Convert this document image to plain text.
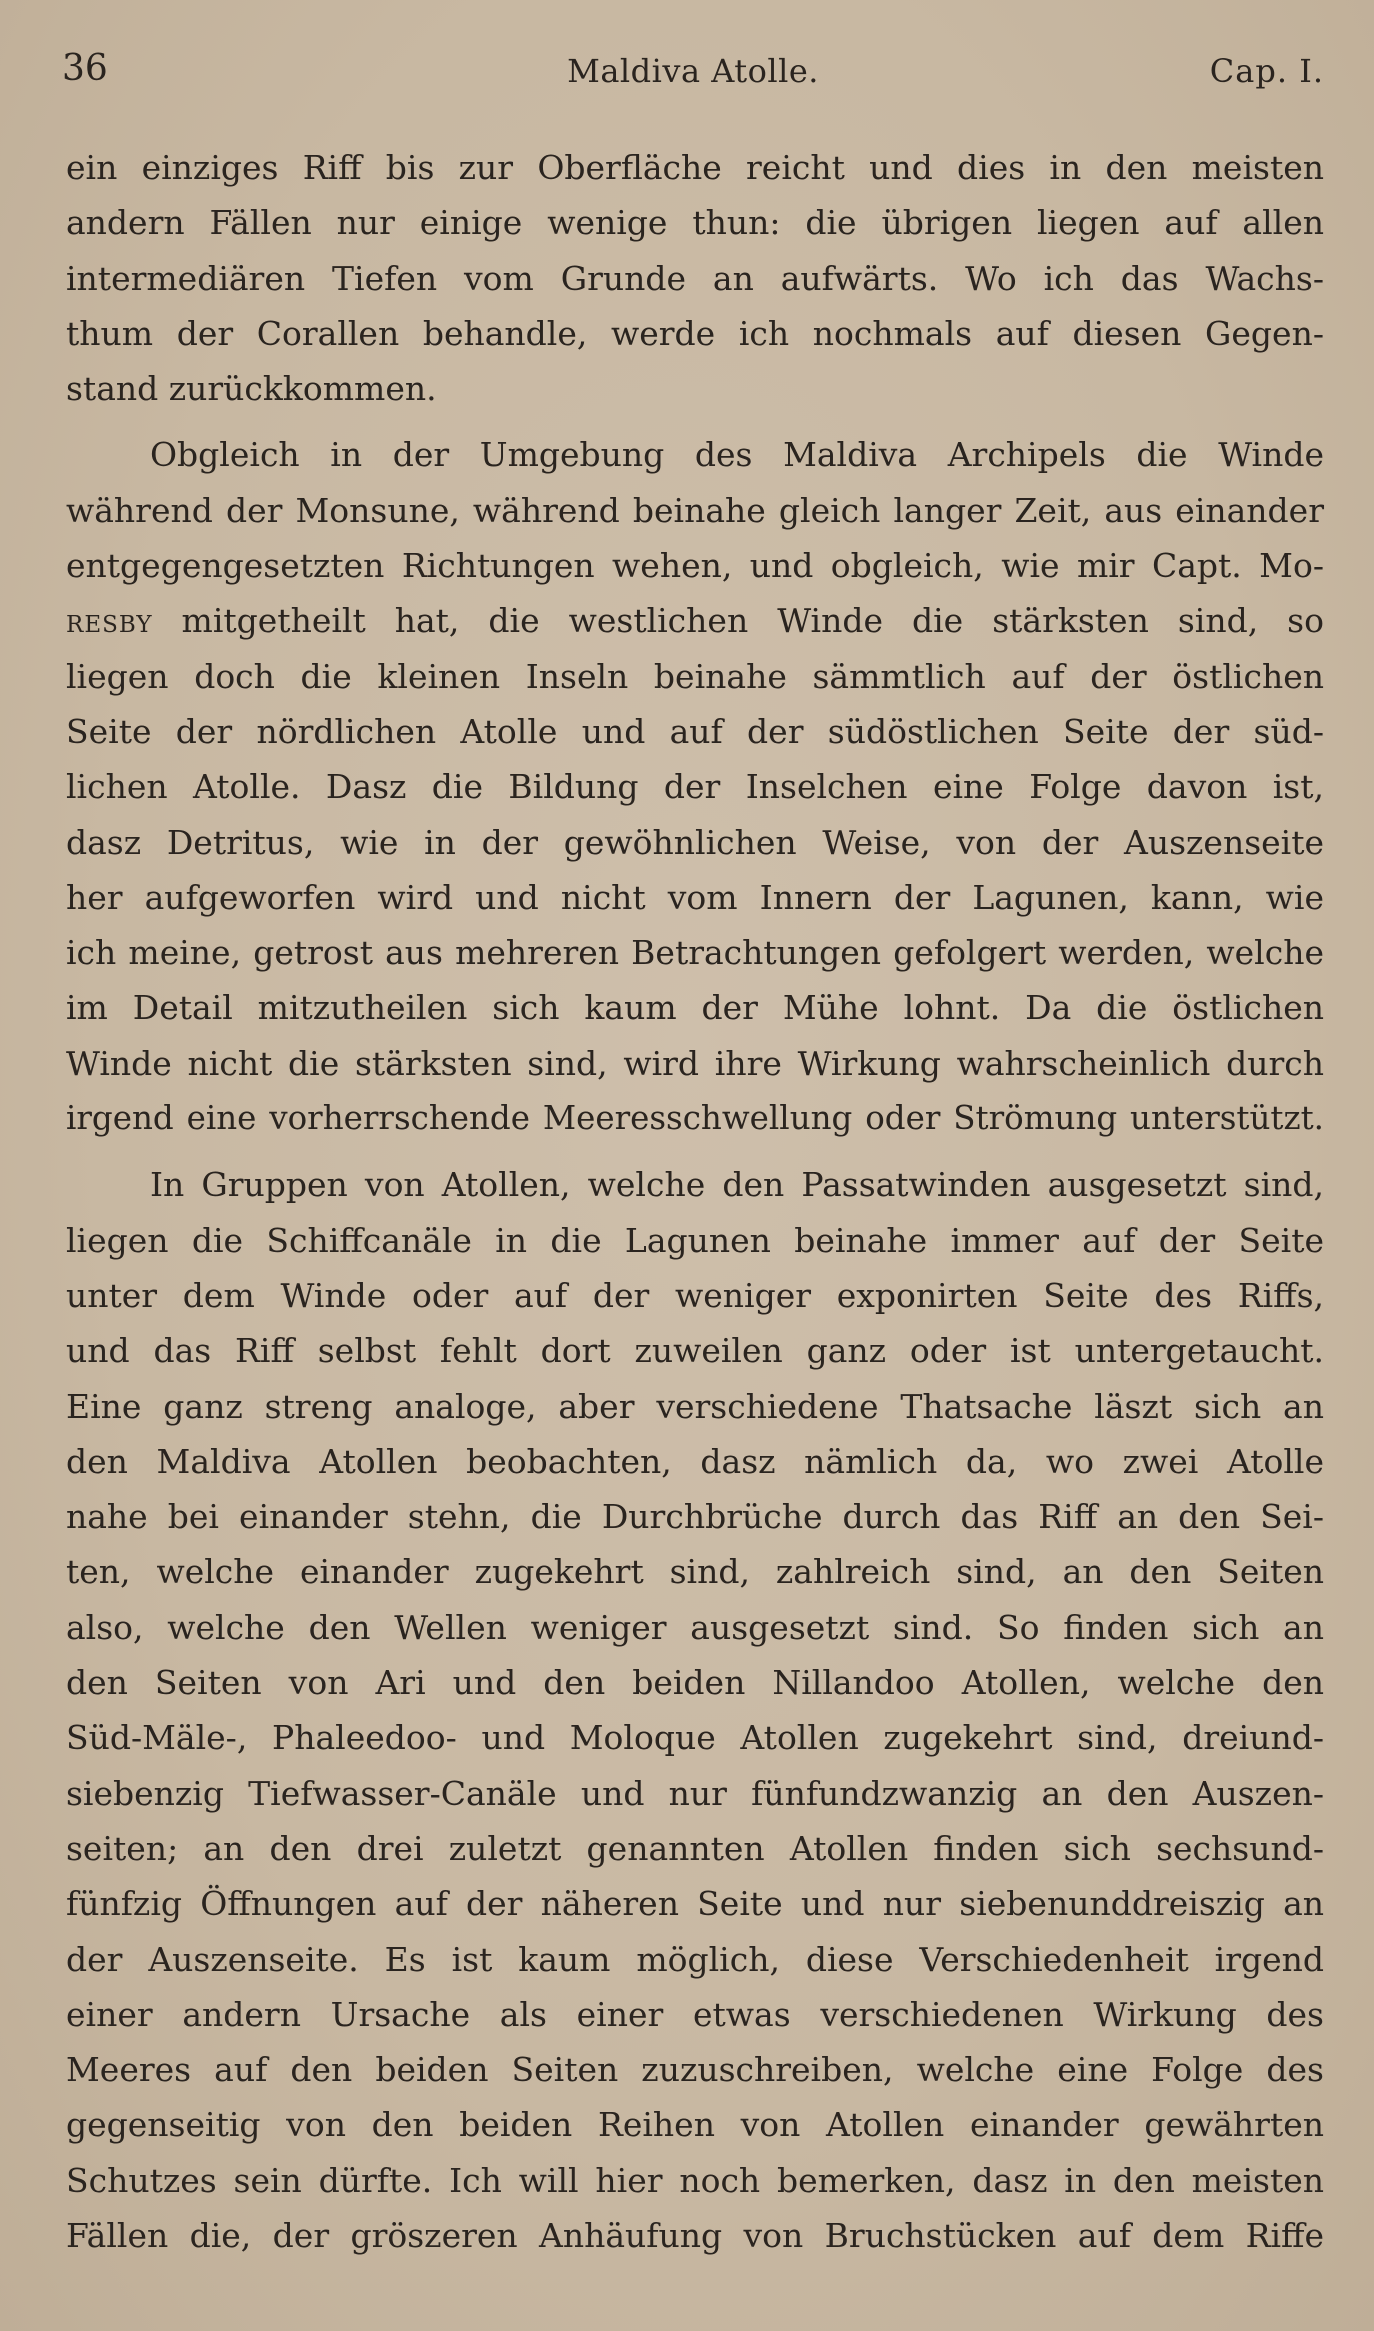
36	Maldiva Atolle.	Cap. I.
ein einziges Riff bis zur Oberfläche reicht und dies in den meisten
andern Fällen nur einige wenige thun: die übrigen liegen auf allen
intermediären Tiefen vom Grunde an aufwärts. Wo ich das Wachs-
thum der Corallen behandle, werde ich nochmals auf diesen Gegen-
stand zurückkommen.
Obgleich in der Umgebung des Maldiva Archipels die Winde
während der Monsune, während beinahe gleich langer Zeit, aus einander
entgegengesetzten Richtungen wehen, und obgleich, wie mir Capt. Mo-
resby mitgetheilt hat, die westlichen Winde die stärksten sind, so
liegen doch die kleinen Inseln beinahe sämmtlich auf der östlichen
Seite der nördlichen Atolle und auf der südöstlichen Seite der süd-
lichen Atolle. Dasz die Bildung der Inselchen eine Folge davon ist,
dasz Detritus, wie in der gewöhnlichen Weise, von der Auszenseite
her aufgeworfen wird und nicht vom Innern der Lagunen, kann, wie
ich meine, getrost aus mehreren Betrachtungen gefolgert werden, welche
im Detail mitzutheilen sich kaum der Mühe lohnt. Da die östlichen
Winde nicht die stärksten sind, wird ihre Wirkung wahrscheinlich durch
irgend eine vorherrschende Meeresschwellung oder Strömung unterstützt.
In Gruppen von Atollen, welche den Passatwinden ausgesetzt sind,
liegen die Schiffcanäle in die Lagunen beinahe immer auf der Seite
unter dem Winde oder auf der weniger exponirten Seite des Riffs,
und das Riff selbst fehlt dort zuweilen ganz oder ist untergetaucht.
Eine ganz streng analoge, aber verschiedene Thatsache läszt sich an
den Maldiva Atollen beobachten, dasz nämlich da, wo zwei Atolle
nahe bei einander stehn, die Durchbrüche durch das Riff an den Sei-
ten, welche einander zugekehrt sind, zahlreich sind, an den Seiten
also, welche den Wellen weniger ausgesetzt sind. So finden sich an
den Seiten von Ari und den beiden Nillandoo Atollen, welche den
Süd-Mäle-, Phaleedoo- und Moloque Atollen zugekehrt sind, dreiund-
siebenzig Tiefwasser-Canäle und nur fünfundzwanzig an den Auszen-
seiten; an den drei zuletzt genannten Atollen finden sich sechsund-
fünfzig Öffnungen auf der näheren Seite und nur siebenunddreiszig an
der Auszenseite. Es ist kaum möglich, diese Verschiedenheit irgend
einer andern Ursache als einer etwas verschiedenen Wirkung des
Meeres auf den beiden Seiten zuzuschreiben, welche eine Folge des
gegenseitig von den beiden Reihen von Atollen einander gewährten
Schutzes sein dürfte. Ich will hier noch bemerken, dasz in den meisten
Fällen die, der gröszeren Anhäufung von Bruchstücken auf dem Riffe
